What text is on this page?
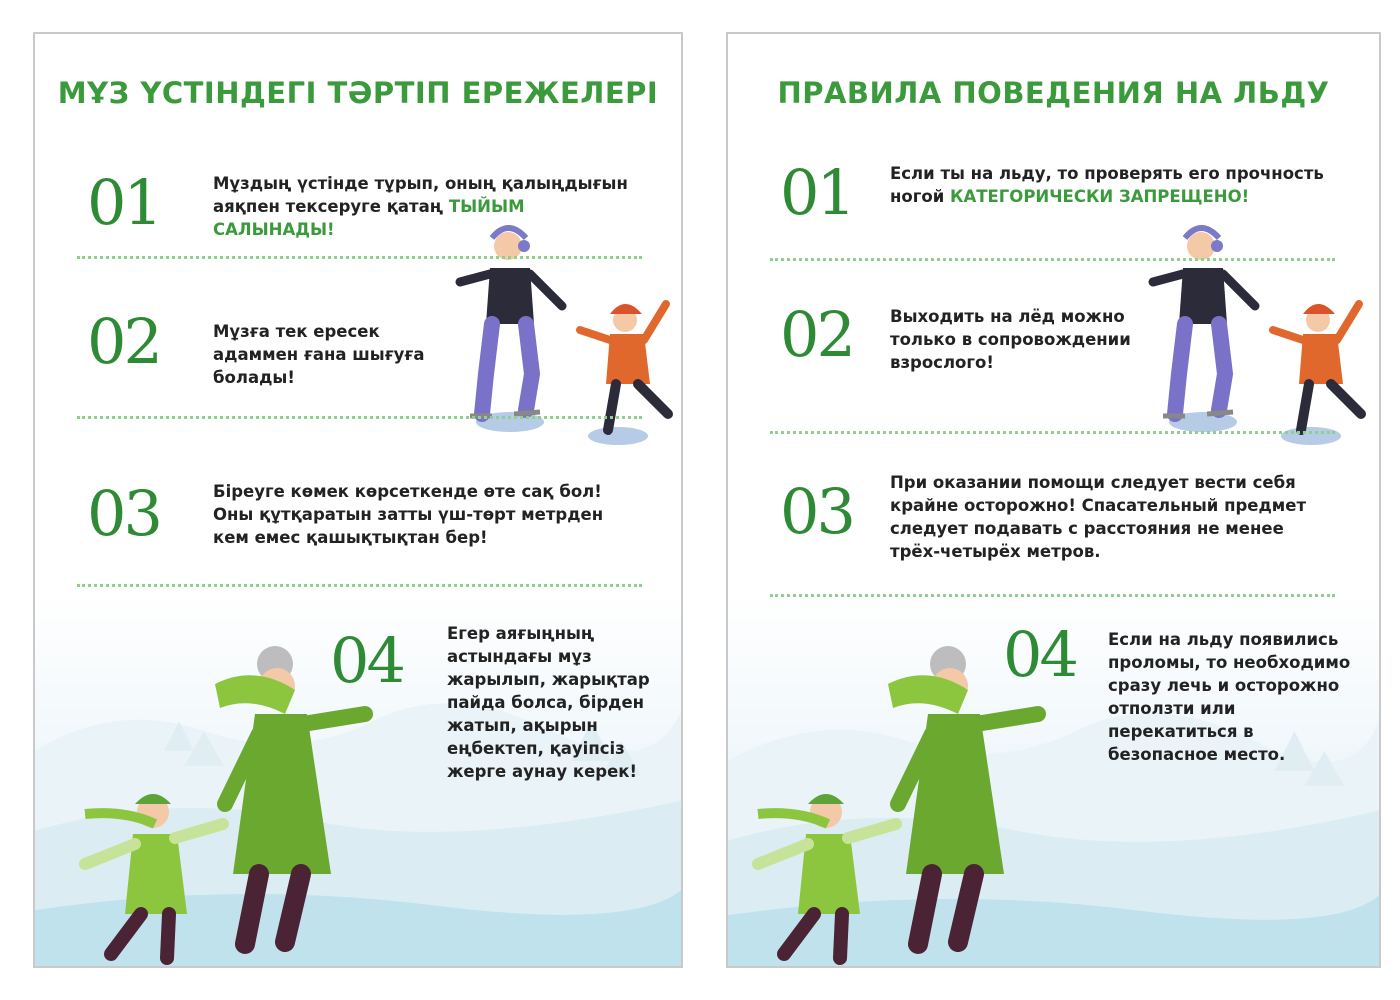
МҰЗ ҮСТІНДЕГІ ТӘРТІП ЕРЕЖЕЛЕРІ
01	Мұздың үстінде тұрып, оның қалыңдығын аяқпен тексеруге қатаң ТЫЙЫМ САЛЫНАДЫ!

02	Мұзға тек ересек адаммен ғана шығуға болады!

03	Біреуге көмек көрсеткенде өте сақ бол! Оны құтқаратын затты үш-төрт метрден кем емес қашықтықтан бер!

04	Егер аяғыңның астындағы мұз жарылып, жарықтар пайда болса, бірден жатып, ақырын еңбектеп, қауіпсіз жерге аунау керек!

ПРАВИЛА ПОВЕДЕНИЯ НА ЛЬДУ
01 Если ты на льду, то проверять его прочность ногой КАТЕГОРИЧЕСКИ ЗАПРЕЩЕНО!

02 Выходить на лёд можно только в сопровождении взрослого!

03 При оказании помощи следует вести себя крайне осторожно! Спасательный предмет следует подавать с расстояния не менее трёх-четырёх метров.

04 Если на льду появились проломы, то необходимо сразу лечь и осторожно отползти или перекатиться в безопасное место.
